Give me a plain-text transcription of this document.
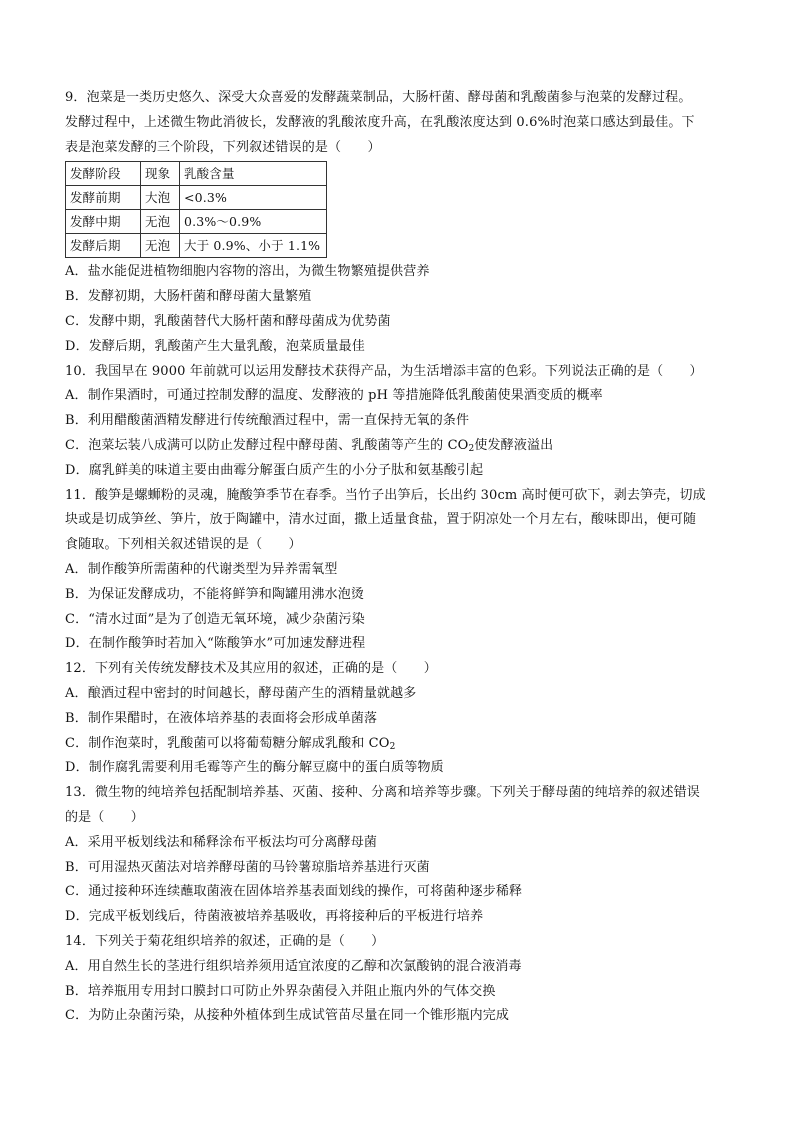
9．泡菜是一类历史悠久、深受大众喜爱的发酵蔬菜制品，大肠杆菌、酵母菌和乳酸菌参与泡菜的发酵过程。
发酵过程中，上述微生物此消彼长，发酵液的乳酸浓度升高，在乳酸浓度达到 0.6%时泡菜口感达到最佳。下
表是泡菜发酵的三个阶段，下列叙述错误的是（　　）
发酵阶段	现象	乳酸含量
发酵前期	大泡	<0.3%
发酵中期	无泡	0.3%～0.9%
发酵后期	无泡	大于 0.9%、小于 1.1%
A．盐水能促进植物细胞内容物的溶出，为微生物繁殖提供营养
B．发酵初期，大肠杆菌和酵母菌大量繁殖
C．发酵中期，乳酸菌替代大肠杆菌和酵母菌成为优势菌
D．发酵后期，乳酸菌产生大量乳酸，泡菜质量最佳
10．我国早在 9000 年前就可以运用发酵技术获得产品，为生活增添丰富的色彩。下列说法正确的是（　　）
A．制作果酒时，可通过控制发酵的温度、发酵液的 pH 等措施降低乳酸菌使果酒变质的概率
B．利用醋酸菌酒精发酵进行传统酿酒过程中，需一直保持无氧的条件
C．泡菜坛装八成满可以防止发酵过程中酵母菌、乳酸菌等产生的 $CO_2$使发酵液溢出
D．腐乳鲜美的味道主要由曲霉分解蛋白质产生的小分子肽和氨基酸引起
11．酸笋是螺蛳粉的灵魂，腌酸笋季节在春季。当竹子出笋后，长出约 30cm 高时便可砍下，剥去笋壳，切成
块或是切成笋丝、笋片，放于陶罐中，清水过面，撒上适量食盐，置于阴凉处一个月左右，酸味即出，便可随
食随取。下列相关叙述错误的是（　　）
A．制作酸笋所需菌种的代谢类型为异养需氧型
B．为保证发酵成功，不能将鲜笋和陶罐用沸水泡烫
C．“清水过面”是为了创造无氧环境，减少杂菌污染
D．在制作酸笋时若加入“陈酸笋水”可加速发酵进程
12．下列有关传统发酵技术及其应用的叙述，正确的是（　　）
A．酿酒过程中密封的时间越长，酵母菌产生的酒精量就越多
B．制作果醋时，在液体培养基的表面将会形成单菌落
C．制作泡菜时，乳酸菌可以将葡萄糖分解成乳酸和 $CO_2$
D．制作腐乳需要利用毛霉等产生的酶分解豆腐中的蛋白质等物质
13．微生物的纯培养包括配制培养基、灭菌、接种、分离和培养等步骤。下列关于酵母菌的纯培养的叙述错误
的是（　　）
A．采用平板划线法和稀释涂布平板法均可分离酵母菌
B．可用湿热灭菌法对培养酵母菌的马铃薯琼脂培养基进行灭菌
C．通过接种环连续蘸取菌液在固体培养基表面划线的操作，可将菌种逐步稀释
D．完成平板划线后，待菌液被培养基吸收，再将接种后的平板进行培养
14．下列关于菊花组织培养的叙述，正确的是（　　）
A．用自然生长的茎进行组织培养须用适宜浓度的乙醇和次氯酸钠的混合液消毒
B．培养瓶用专用封口膜封口可防止外界杂菌侵入并阻止瓶内外的气体交换
C．为防止杂菌污染，从接种外植体到生成试管苗尽量在同一个锥形瓶内完成
